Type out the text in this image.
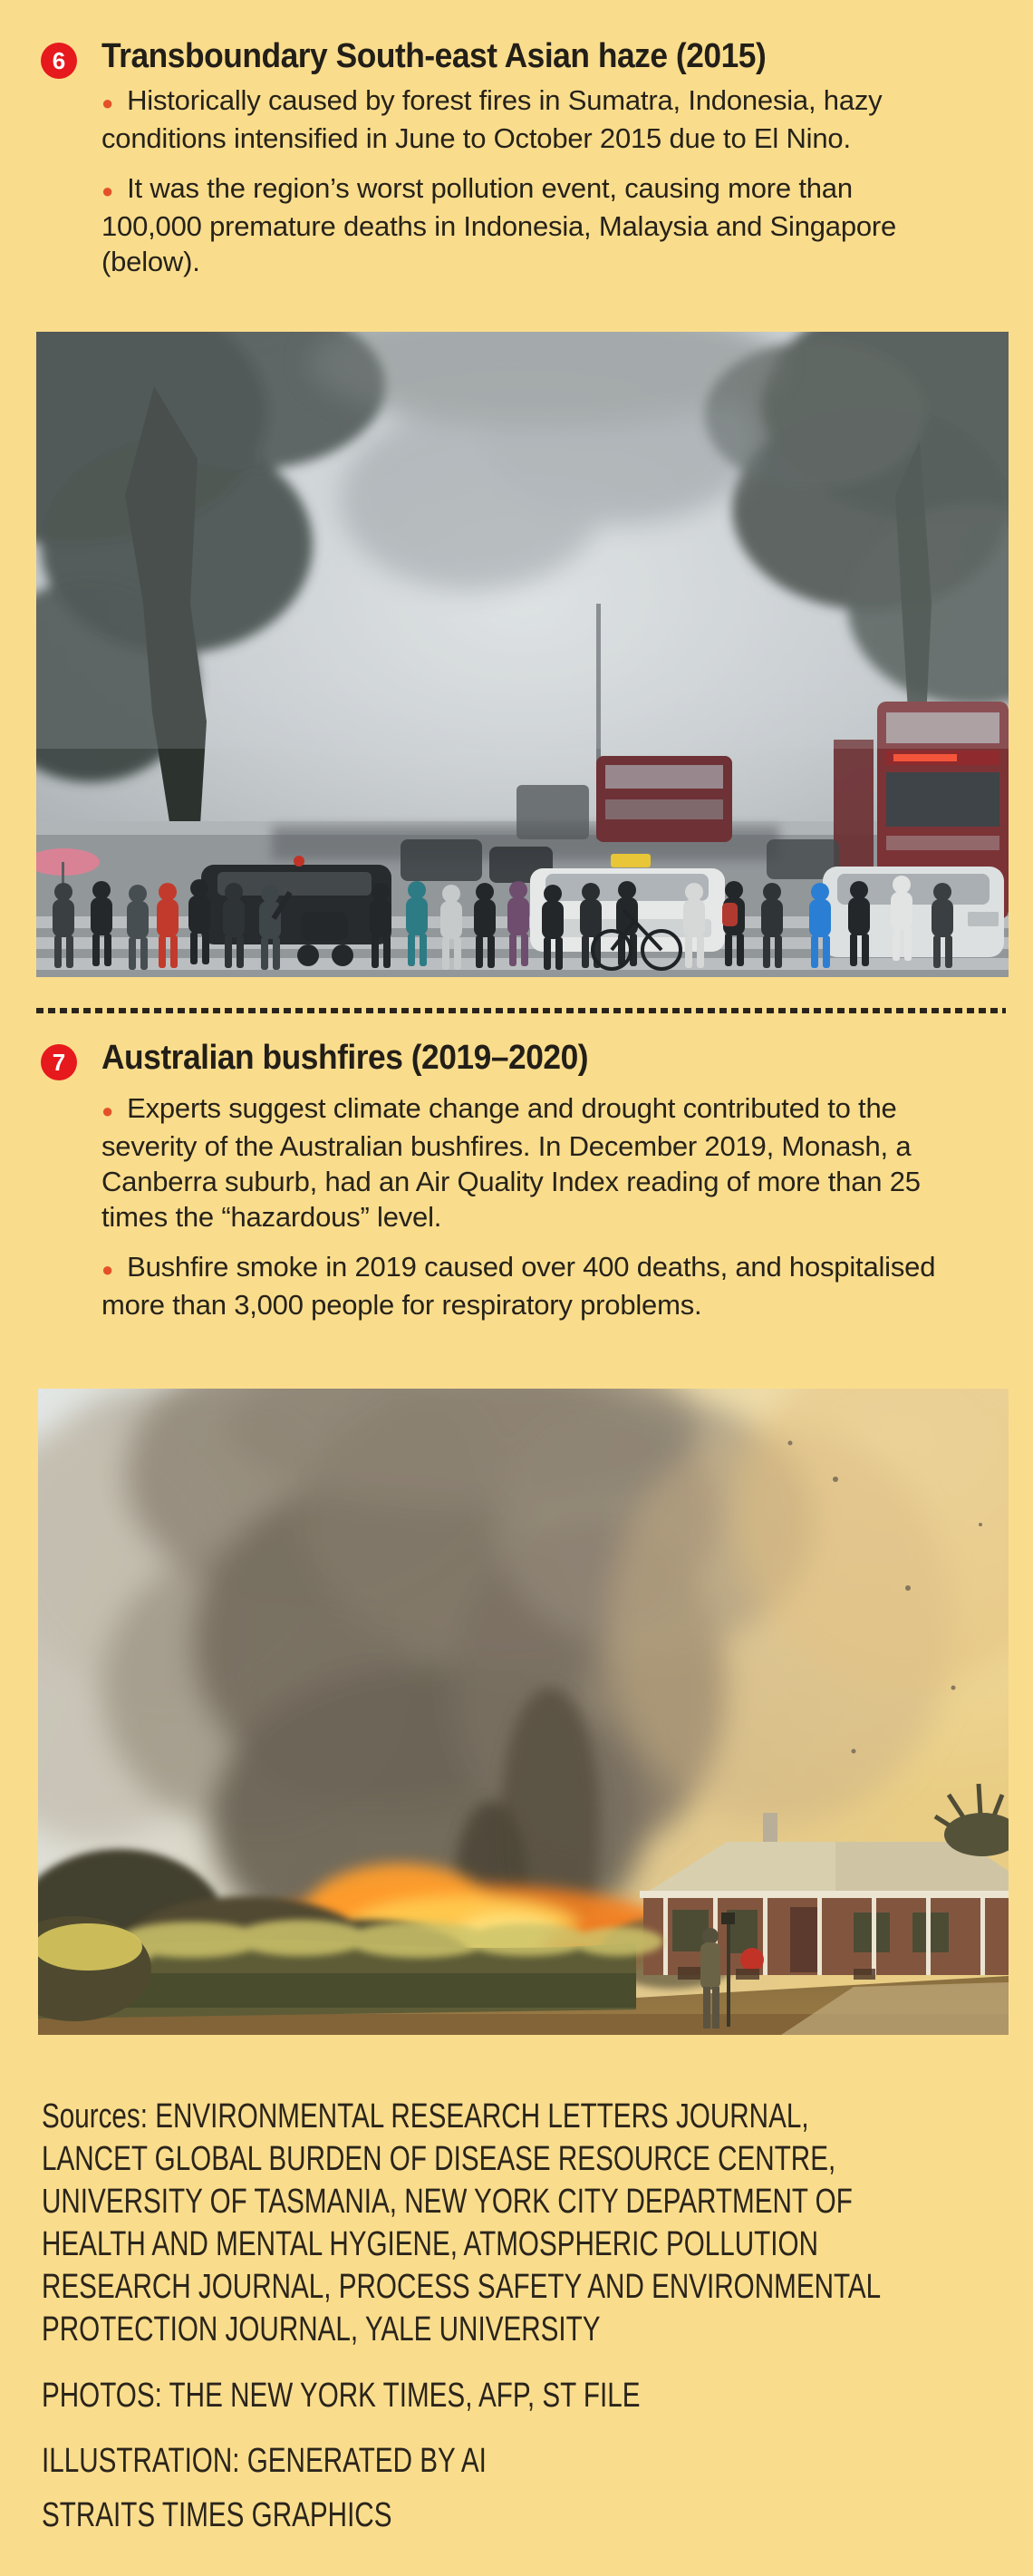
6 Transboundary South-east Asian haze (2015)

● Historically caused by forest fires in Sumatra, Indonesia, hazy conditions intensified in June to October 2015 due to El Nino.

● It was the region’s worst pollution event, causing more than 100,000 premature deaths in Indonesia, Malaysia and Singapore (below).

7 Australian bushfires (2019–2020)

● Experts suggest climate change and drought contributed to the severity of the Australian bushfires. In December 2019, Monash, a Canberra suburb, had an Air Quality Index reading of more than 25 times the “hazardous” level.

● Bushfire smoke in 2019 caused over 400 deaths, and hospitalised more than 3,000 people for respiratory problems.

Sources: ENVIRONMENTAL RESEARCH LETTERS JOURNAL,
LANCET GLOBAL BURDEN OF DISEASE RESOURCE CENTRE,
UNIVERSITY OF TASMANIA, NEW YORK CITY DEPARTMENT OF
HEALTH AND MENTAL HYGIENE, ATMOSPHERIC POLLUTION
RESEARCH JOURNAL, PROCESS SAFETY AND ENVIRONMENTAL
PROTECTION JOURNAL, YALE UNIVERSITY
PHOTOS: THE NEW YORK TIMES, AFP, ST FILE
ILLUSTRATION: GENERATED BY AI
STRAITS TIMES GRAPHICS
